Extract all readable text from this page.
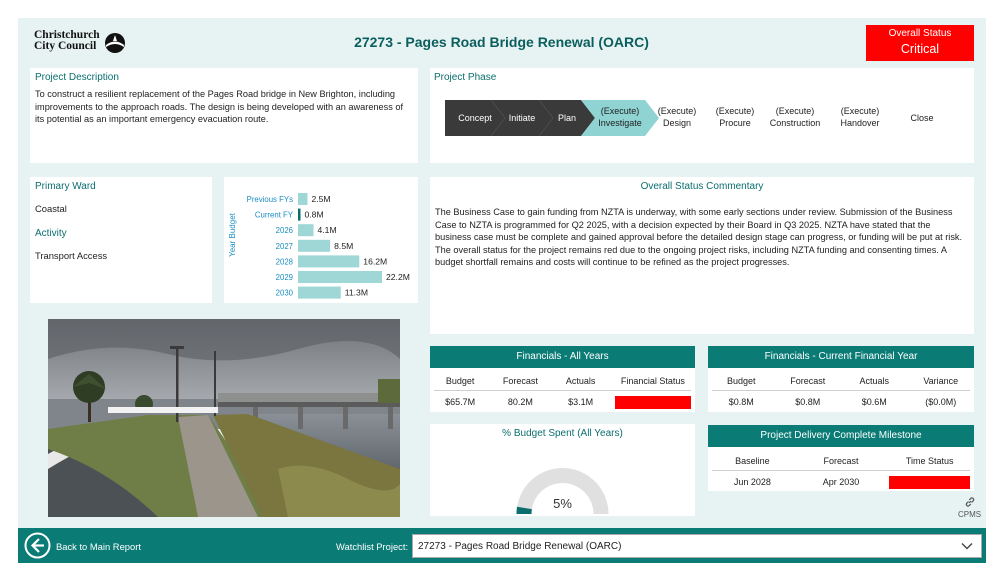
Christchurch
City Council	27273 - Pages Road Bridge Renewal (OARC)
Overall Status
Critical
Project Description
To construct a resilient replacement of the Pages Road bridge in New Brighton, including improvements to the approach roads. The design is being developed with an awareness of its potential as an important emergency evacuation route.
Project Phase
Concept Initiate	Plan
(Execute)
Investigate
(Execute)
Design
(Execute)
Procure
(Execute)
Construction
(Execute)
Handover	Close
Primary Ward
Coastal
Activity
Transport Access	Year Budget
Previous FYs 2.5M
Current FY 0.8M
2026	4.1M
2027	8.5M
2028	16.2M
2029	22.2M
2030	11.3M
Overall Status Commentary
The Business Case to gain funding from NZTA is underway, with some early sections under review. Submission of the Business Case to NZTA is programmed for Q2 2025, with a decision expected by their Board in Q3 2025. NZTA have stated that the business case must be complete and gained approval before the detailed design stage can progress, or funding will be put at risk. The overall status for the project remains red due to the ongoing project risks, including NZTA funding and consenting times. A budget shortfall remains and costs will continue to be refined as the project progresses.
Financials - All Years
Budget	Forecast	Actuals	Financial Status
$65.7M	80.2M	$3.1M
Financials - Current Financial Year
Budget	Forecast	Actuals	Variance
$0.8M	$0.8M	$0.6M	($0.0M)
% Budget Spent (All Years)
5%
Project Delivery Complete Milestone
Baseline	Forecast	Time Status
Jun 2028	Apr 2030
CPMS
Back to Main Report	Watchlist Project: 27273 - Pages Road Bridge Renewal (OARC)
